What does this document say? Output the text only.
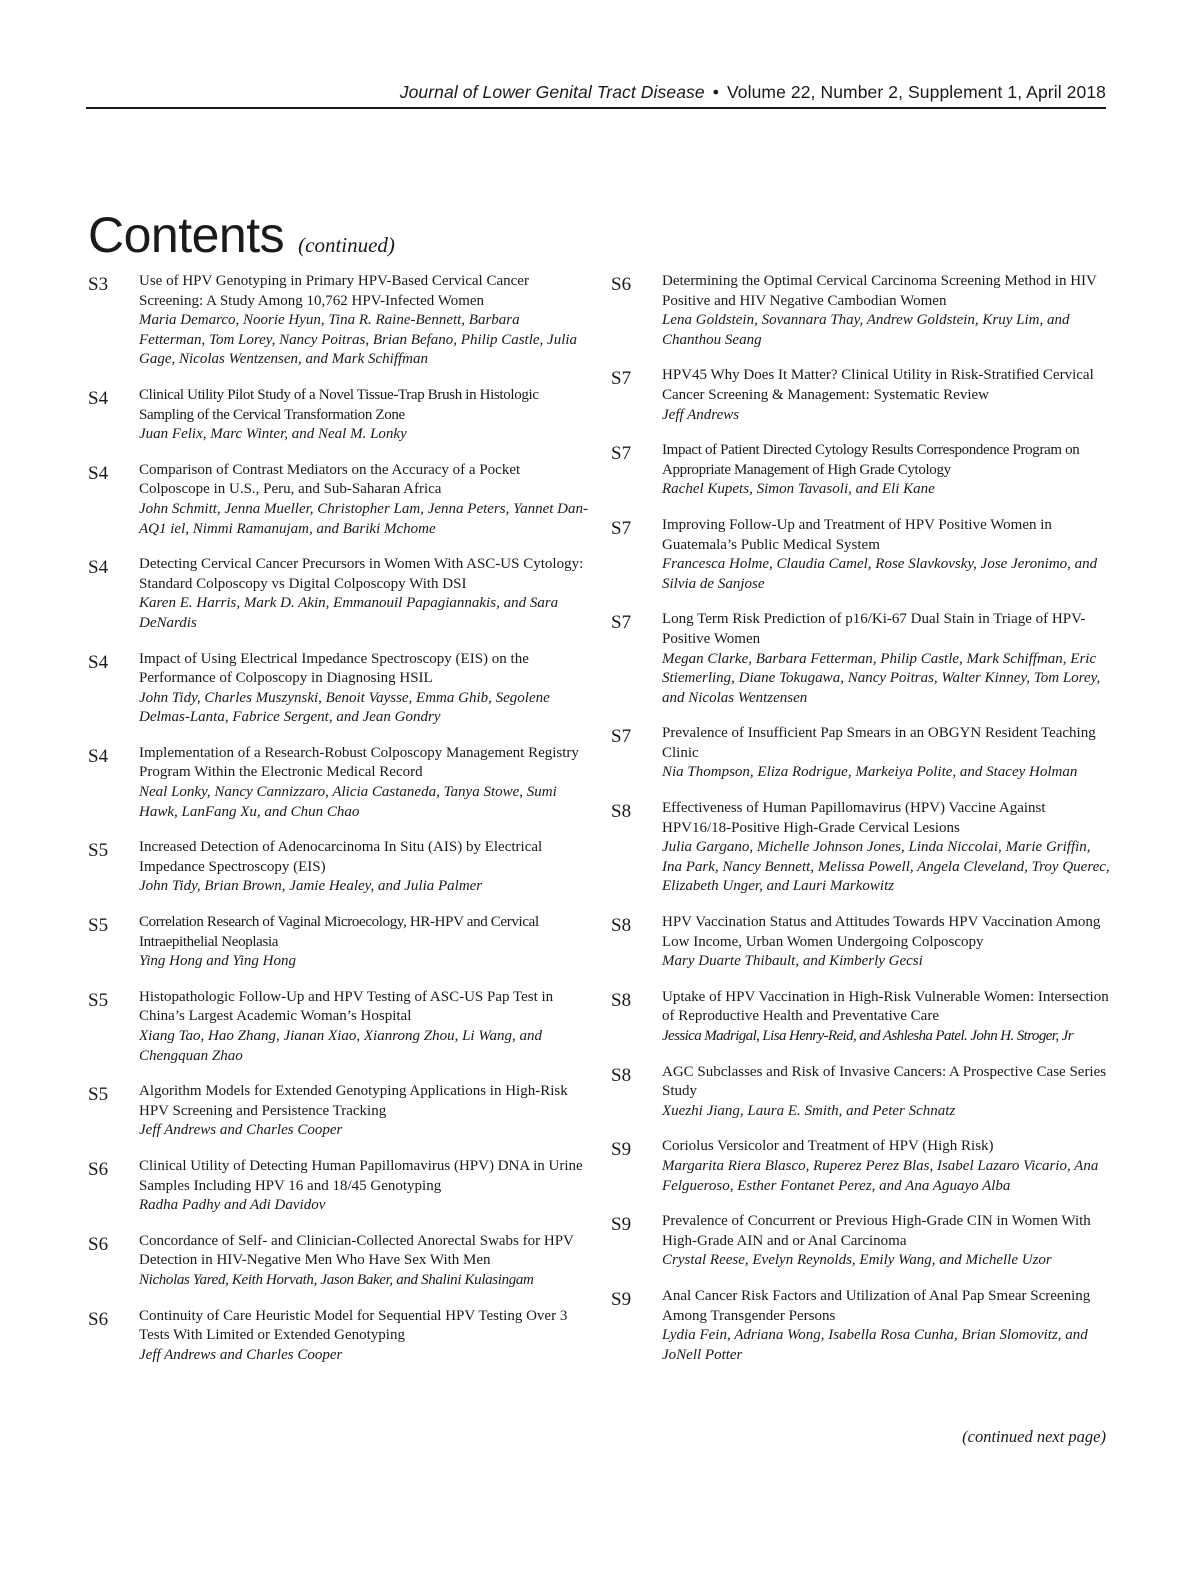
Journal of Lower Genital Tract Disease • Volume 22, Number 2, Supplement 1, April 2018
Contents (continued)
S3	Use of HPV Genotyping in Primary HPV-Based Cervical Cancer Screening: A Study Among 10,762 HPV-Infected Women
Maria Demarco, Noorie Hyun, Tina R. Raine-Bennett, Barbara Fetterman, Tom Lorey, Nancy Poitras, Brian Befano, Philip Castle, Julia Gage, Nicolas Wentzensen, and Mark Schiffman
S4	Clinical Utility Pilot Study of a Novel Tissue-Trap Brush in Histologic Sampling of the Cervical Transformation Zone
Juan Felix, Marc Winter, and Neal M. Lonky
S4	Comparison of Contrast Mediators on the Accuracy of a Pocket Colposcope in U.S., Peru, and Sub-Saharan Africa
John Schmitt, Jenna Mueller, Christopher Lam, Jenna Peters, Yannet Dan- AQ1 iel, Nimmi Ramanujam, and Bariki Mchome
S4	Detecting Cervical Cancer Precursors in Women With ASC-US Cytology: Standard Colposcopy vs Digital Colposcopy With DSI
Karen E. Harris, Mark D. Akin, Emmanouil Papagiannakis, and Sara DeNardis
S4	Impact of Using Electrical Impedance Spectroscopy (EIS) on the Performance of Colposcopy in Diagnosing HSIL
John Tidy, Charles Muszynski, Benoit Vaysse, Emma Ghib, Segolene Delmas-Lanta, Fabrice Sergent, and Jean Gondry
S4	Implementation of a Research-Robust Colposcopy Management Registry Program Within the Electronic Medical Record
Neal Lonky, Nancy Cannizzaro, Alicia Castaneda, Tanya Stowe, Sumi Hawk, LanFang Xu, and Chun Chao
S5	Increased Detection of Adenocarcinoma In Situ (AIS) by Electrical Impedance Spectroscopy (EIS)
John Tidy, Brian Brown, Jamie Healey, and Julia Palmer
S5	Correlation Research of Vaginal Microecology, HR-HPV and Cervical Intraepithelial Neoplasia
Ying Hong and Ying Hong
S5	Histopathologic Follow-Up and HPV Testing of ASC-US Pap Test in China’s Largest Academic Woman’s Hospital
Xiang Tao, Hao Zhang, Jianan Xiao, Xianrong Zhou, Li Wang, and Chengquan Zhao
S5	Algorithm Models for Extended Genotyping Applications in High-Risk HPV Screening and Persistence Tracking
Jeff Andrews and Charles Cooper
S6	Clinical Utility of Detecting Human Papillomavirus (HPV) DNA in Urine Samples Including HPV 16 and 18/45 Genotyping
Radha Padhy and Adi Davidov
S6	Concordance of Self- and Clinician-Collected Anorectal Swabs for HPV Detection in HIV-Negative Men Who Have Sex With Men
Nicholas Yared, Keith Horvath, Jason Baker, and Shalini Kulasingam
S6	Continuity of Care Heuristic Model for Sequential HPV Testing Over 3 Tests With Limited or Extended Genotyping
Jeff Andrews and Charles Cooper
S6	Determining the Optimal Cervical Carcinoma Screening Method in HIV Positive and HIV Negative Cambodian Women
Lena Goldstein, Sovannara Thay, Andrew Goldstein, Kruy Lim, and Chanthou Seang
S7	HPV45 Why Does It Matter? Clinical Utility in Risk-Stratified Cervical Cancer Screening & Management: Systematic Review
Jeff Andrews
S7	Impact of Patient Directed Cytology Results Correspondence Program on Appropriate Management of High Grade Cytology
Rachel Kupets, Simon Tavasoli, and Eli Kane
S7	Improving Follow-Up and Treatment of HPV Positive Women in Guatemala’s Public Medical System
Francesca Holme, Claudia Camel, Rose Slavkovsky, Jose Jeronimo, and Silvia de Sanjose
S7	Long Term Risk Prediction of p16/Ki-67 Dual Stain in Triage of HPV-Positive Women
Megan Clarke, Barbara Fetterman, Philip Castle, Mark Schiffman, Eric Stiemerling, Diane Tokugawa, Nancy Poitras, Walter Kinney, Tom Lorey, and Nicolas Wentzensen
S7	Prevalence of Insufficient Pap Smears in an OBGYN Resident Teaching Clinic
Nia Thompson, Eliza Rodrigue, Markeiya Polite, and Stacey Holman
S8	Effectiveness of Human Papillomavirus (HPV) Vaccine Against HPV16/18-Positive High-Grade Cervical Lesions
Julia Gargano, Michelle Johnson Jones, Linda Niccolai, Marie Griffin, Ina Park, Nancy Bennett, Melissa Powell, Angela Cleveland, Troy Querec, Elizabeth Unger, and Lauri Markowitz
S8	HPV Vaccination Status and Attitudes Towards HPV Vaccination Among Low Income, Urban Women Undergoing Colposcopy
Mary Duarte Thibault, and Kimberly Gecsi
S8	Uptake of HPV Vaccination in High-Risk Vulnerable Women: Intersection of Reproductive Health and Preventative Care
Jessica Madrigal, Lisa Henry-Reid, and Ashlesha Patel. John H. Stroger, Jr
S8	AGC Subclasses and Risk of Invasive Cancers: A Prospective Case Series Study
Xuezhi Jiang, Laura E. Smith, and Peter Schnatz
S9	Coriolus Versicolor and Treatment of HPV (High Risk)
Margarita Riera Blasco, Ruperez Perez Blas, Isabel Lazaro Vicario, Ana Felgueroso, Esther Fontanet Perez, and Ana Aguayo Alba
S9	Prevalence of Concurrent or Previous High-Grade CIN in Women With High-Grade AIN and or Anal Carcinoma
Crystal Reese, Evelyn Reynolds, Emily Wang, and Michelle Uzor
S9	Anal Cancer Risk Factors and Utilization of Anal Pap Smear Screening Among Transgender Persons
Lydia Fein, Adriana Wong, Isabella Rosa Cunha, Brian Slomovitz, and JoNell Potter
(continued next page)
